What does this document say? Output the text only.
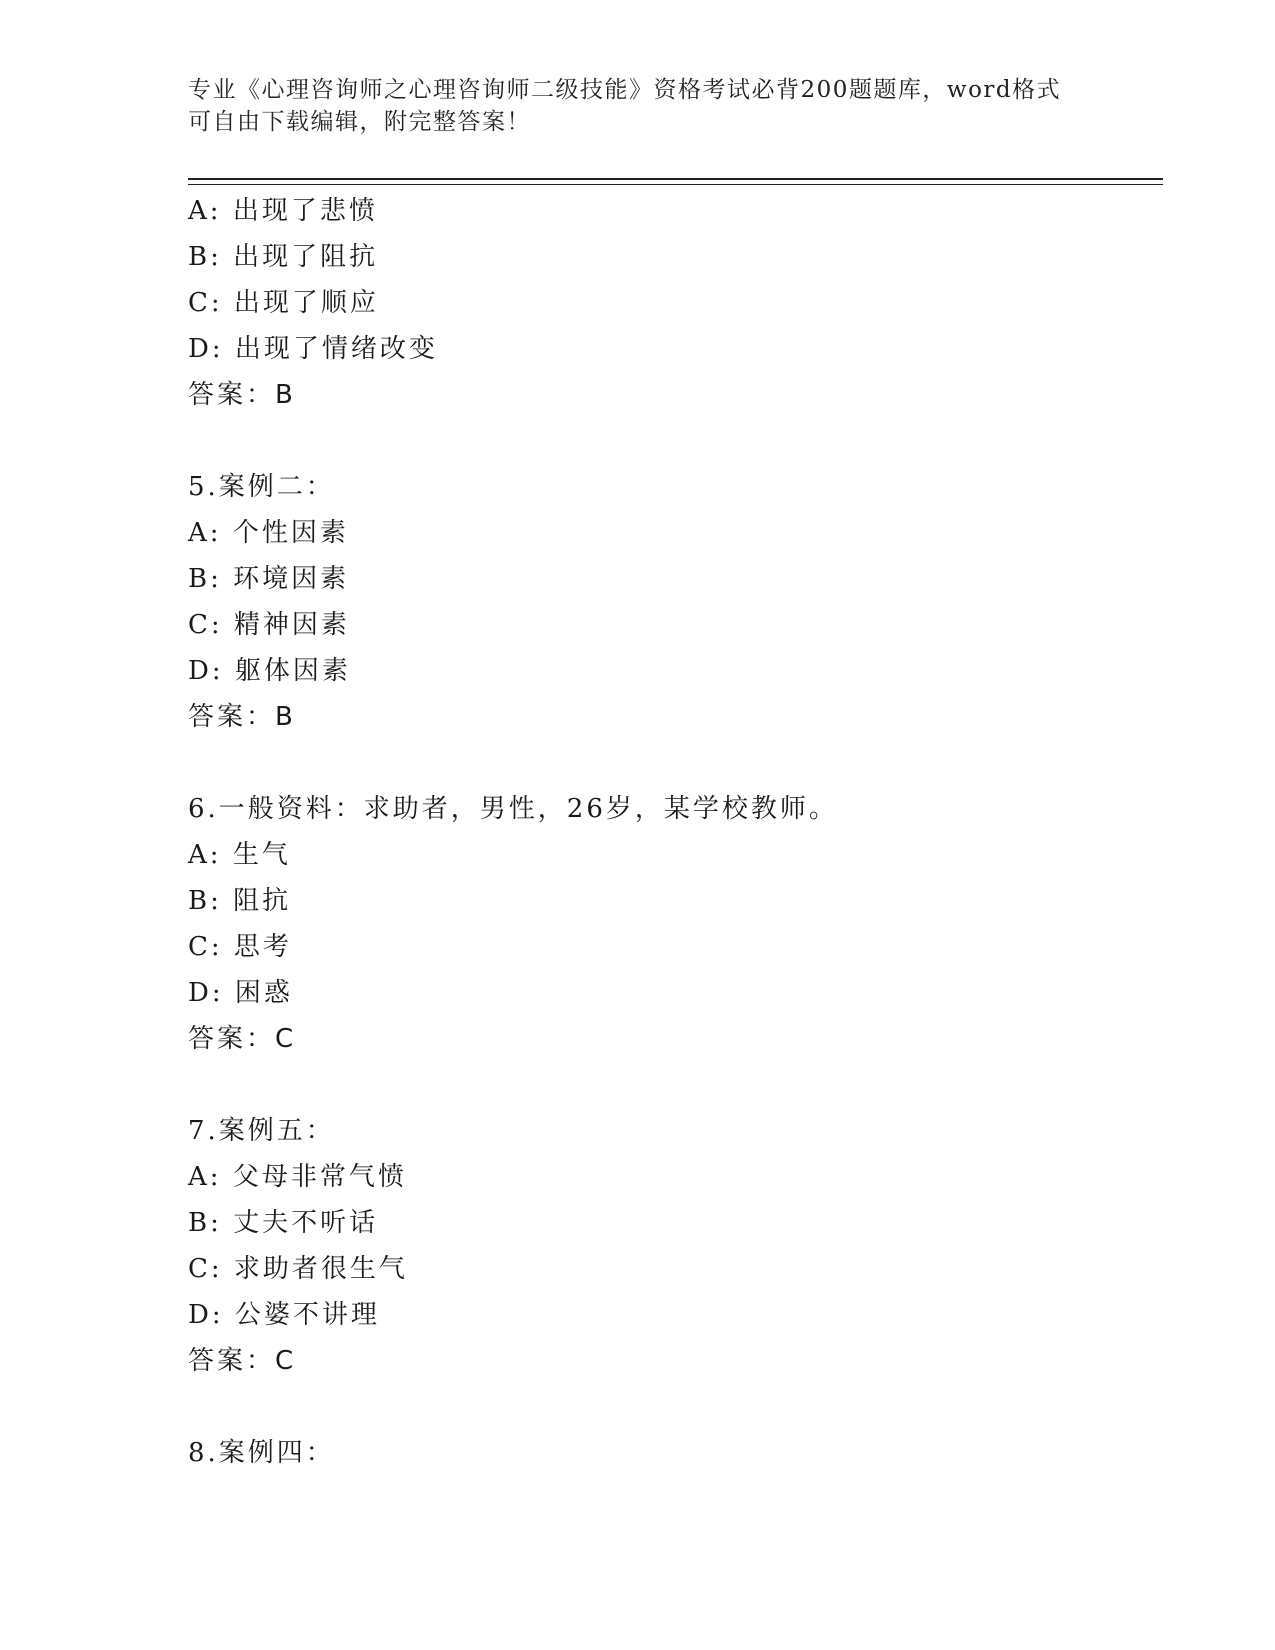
专业《心理咨询师之心理咨询师二级技能》资格考试必背200题题库，word格式
可自由下载编辑，附完整答案！
A: 出现了悲愤
B: 出现了阻抗
C: 出现了顺应
D: 出现了情绪改变
答案：B
5.案例二：
A: 个性因素
B: 环境因素
C: 精神因素
D: 躯体因素
答案：B
6.一般资料：求助者，男性，26岁，某学校教师。
A: 生气
B: 阻抗
C: 思考
D: 困惑
答案：C
7.案例五：
A: 父母非常气愤
B: 丈夫不听话
C: 求助者很生气
D: 公婆不讲理
答案：C
8.案例四：
